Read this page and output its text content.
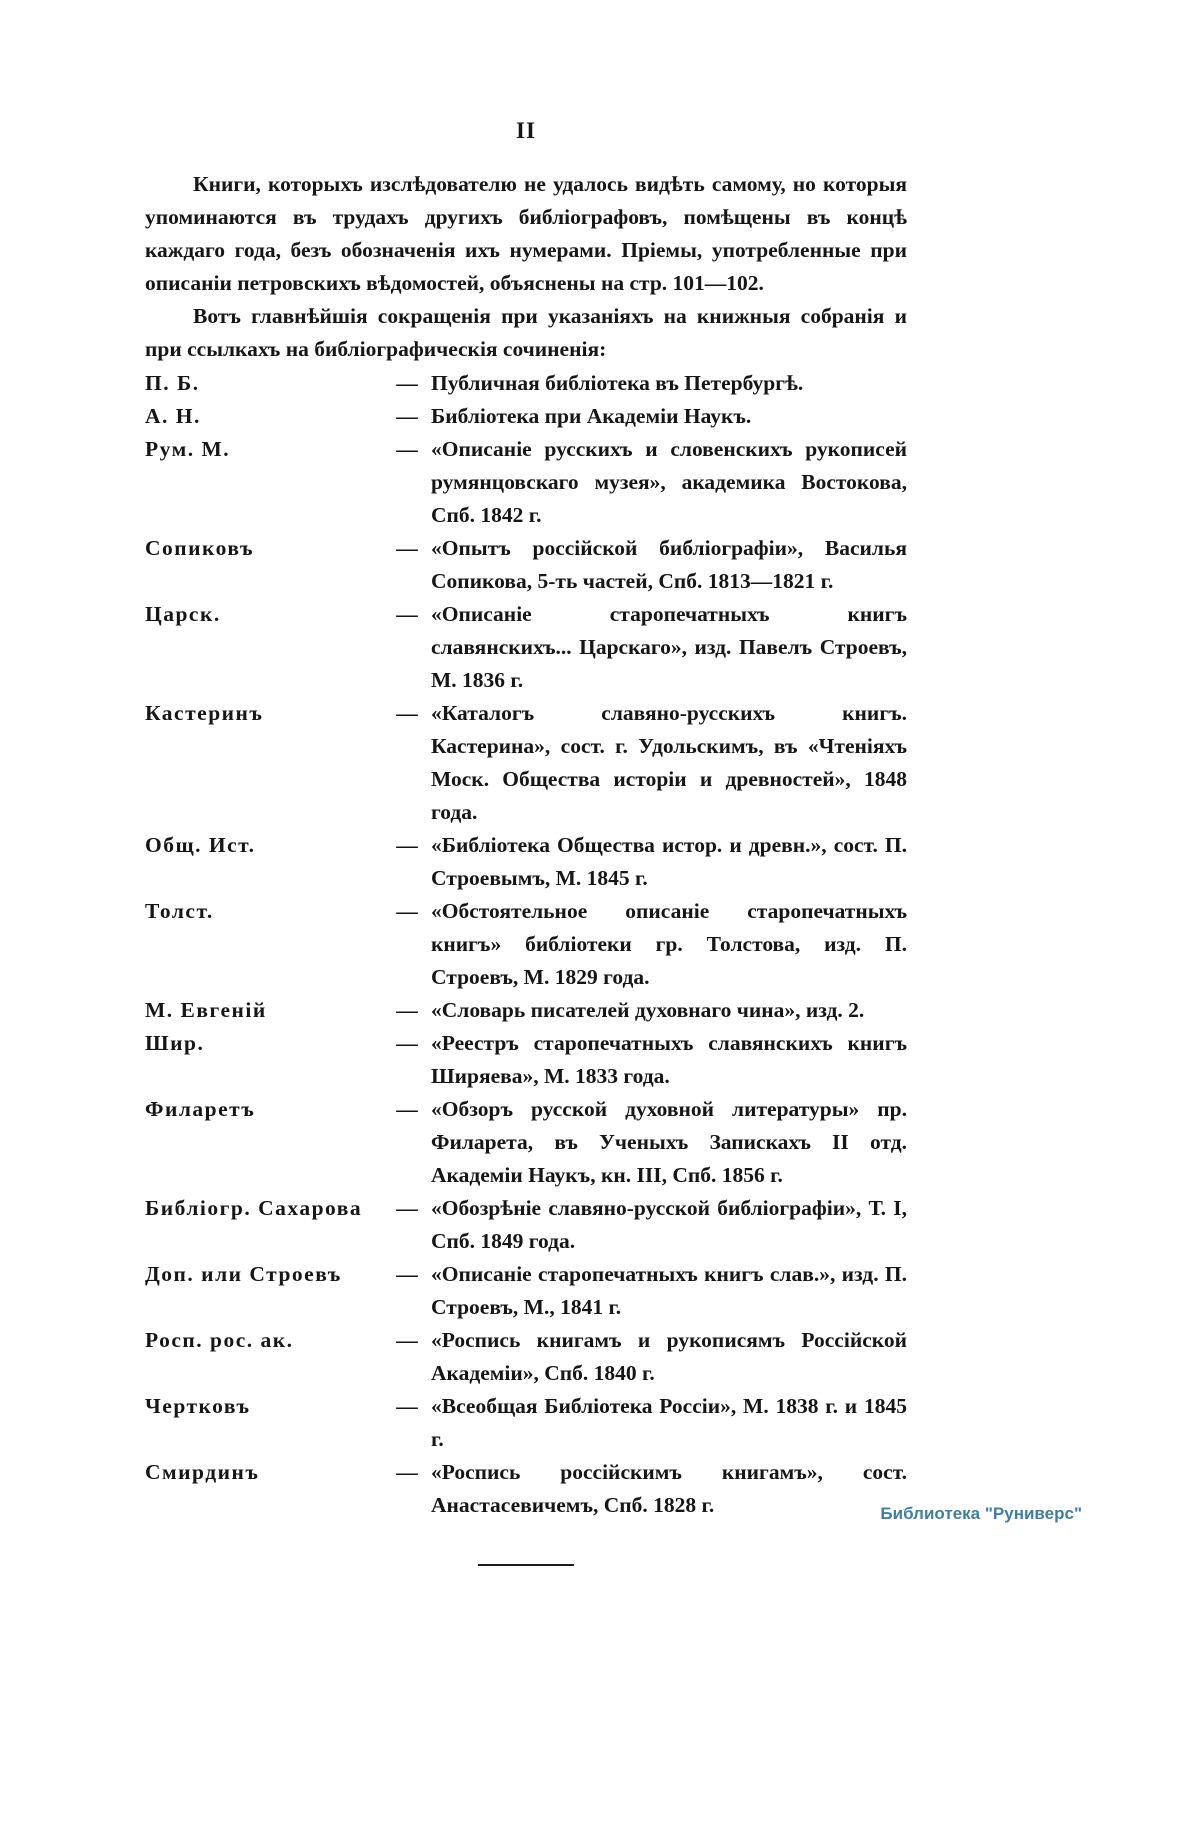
II

Книги, которыхъ изслѣдователю не удалось видѣть самому, но которыя упоминаются въ трудахъ другихъ библіографовъ, помѣщены въ концѣ каждаго года, безъ обозначенія ихъ нумерами. Пріемы, употребленные при описаніи петровскихъ вѣдомостей, объяснены на стр. 101—102.

Вотъ главнѣйшія сокращенія при указаніяхъ на книжныя собранія и при ссылкахъ на библіографическія сочиненія:

П. Б.	— Публичная библіотека въ Петербургѣ.
А. Н.	— Библіотека при Академіи Наукъ.
Рум. М.	— «Описаніе русскихъ и словенскихъ рукописей румянцовскаго музея», академика Востокова, Спб. 1842 г.
Сопиковъ	— «Опытъ россійской библіографіи», Василья Сопикова, 5-ть частей, Спб. 1813—1821 г.
Царск.	— «Описаніе старопечатныхъ книгъ славянскихъ... Царскаго», изд. Павелъ Строевъ, М. 1836 г.
Кастеринъ	— «Каталогъ славяно-русскихъ книгъ. Кастерина», сост. г. Удольскимъ, въ «Чтеніяхъ Моск. Общества исторіи и древностей», 1848 года.
Общ. Ист.	— «Библіотека Общества истор. и древн.», сост. П. Строевымъ, М. 1845 г.
Толст.	— «Обстоятельное описаніе старопечатныхъ книгъ» библіотеки гр. Толстова, изд. П. Строевъ, М. 1829 года.
М. Евгеній	— «Словарь писателей духовнаго чина», изд. 2.
Шир.	— «Реестръ старопечатныхъ славянскихъ книгъ Ширяева», М. 1833 года.
Филаретъ	— «Обзоръ русской духовной литературы» пр. Филарета, въ Ученыхъ Запискахъ II отд. Академіи Наукъ, кн. III, Спб. 1856 г.
Библіогр. Сахарова	— «Обозрѣніе славяно-русской библіографіи», Т. I, Спб. 1849 года.
Доп. или Строевъ	— «Описаніе старопечатныхъ книгъ слав.», изд. П. Строевъ, М., 1841 г.
Росп. рос. ак.	— «Роспись книгамъ и рукописямъ Россійской Академіи», Спб. 1840 г.
Чертковъ	— «Всеобщая Библіотека Россіи», М. 1838 г. и 1845 г.
Смирдинъ	— «Роспись россійскимъ книгамъ», сост. Анастасевичемъ, Спб. 1828 г.	Библиотека "Руниверс"
